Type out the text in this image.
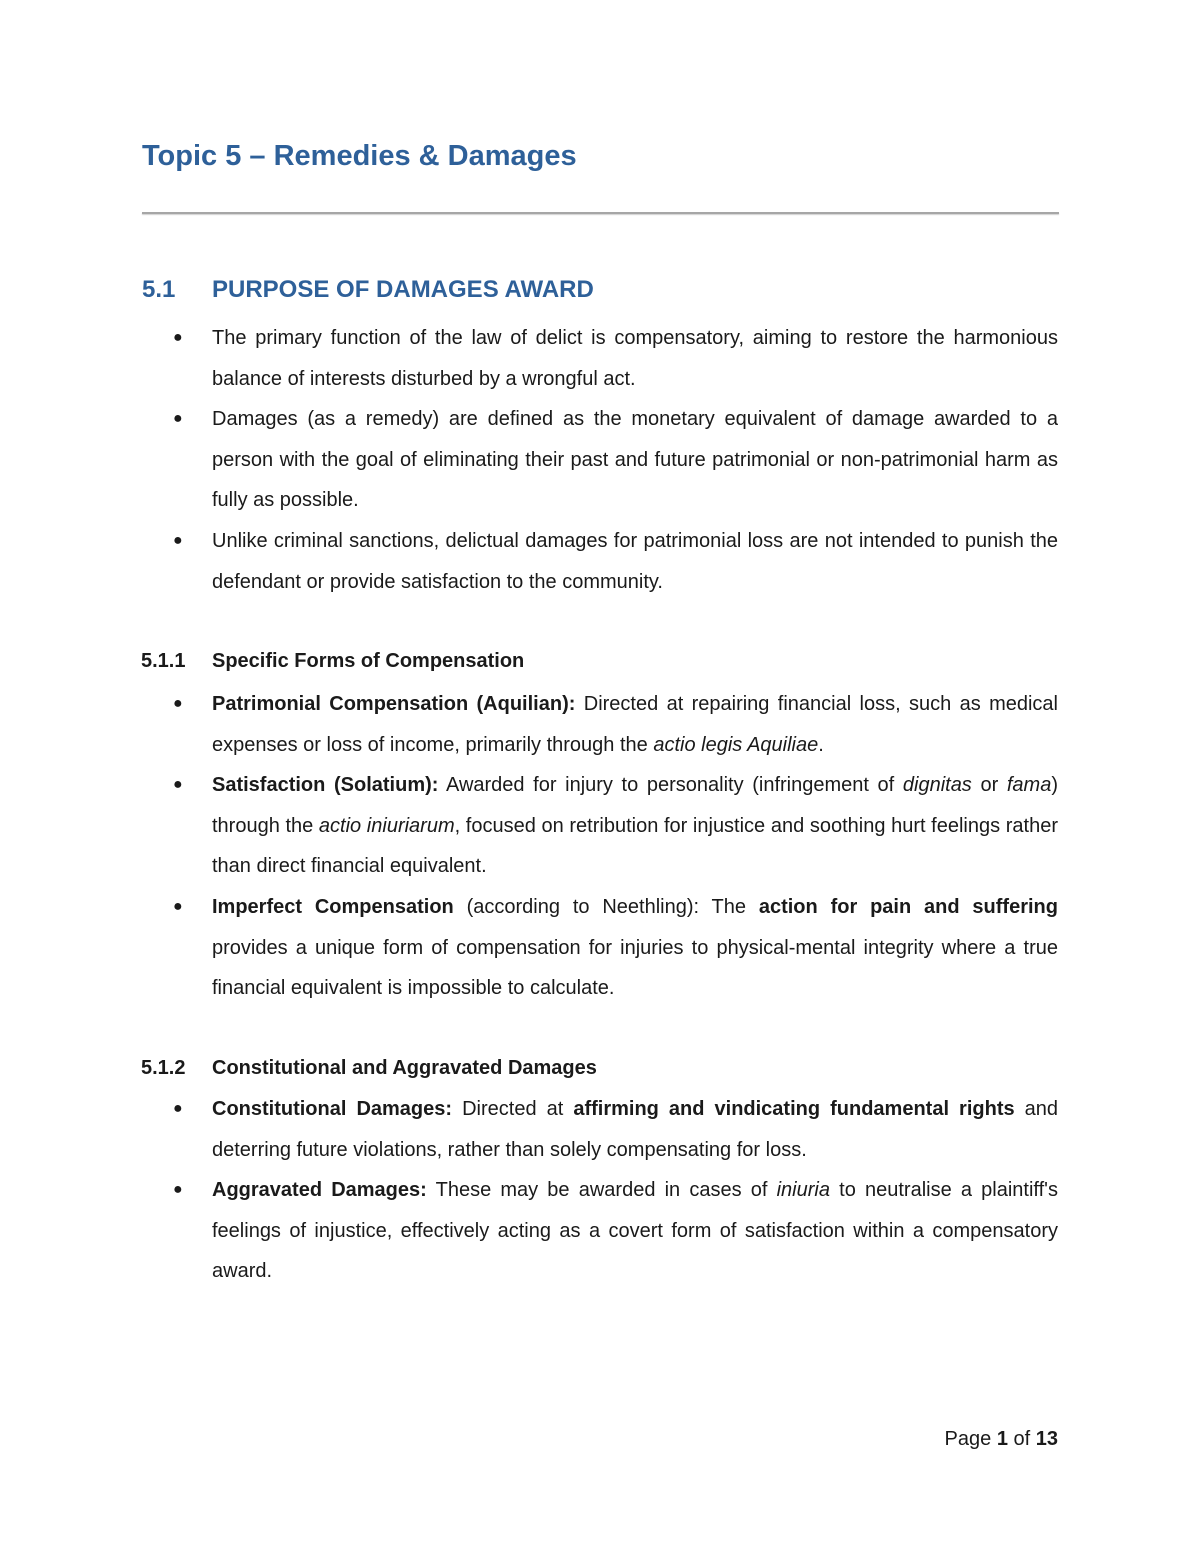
Topic 5 – Remedies & Damages
5.1 PURPOSE OF DAMAGES AWARD
● The primary function of the law of delict is compensatory, aiming to restore the harmonious balance of interests disturbed by a wrongful act.
● Damages (as a remedy) are defined as the monetary equivalent of damage awarded to a person with the goal of eliminating their past and future patrimonial or non-patrimonial harm as fully as possible.
● Unlike criminal sanctions, delictual damages for patrimonial loss are not intended to punish the defendant or provide satisfaction to the community.
5.1.1 Specific Forms of Compensation
● Patrimonial Compensation (Aquilian): Directed at repairing financial loss, such as medical expenses or loss of income, primarily through the actio legis Aquiliae.
● Satisfaction (Solatium): Awarded for injury to personality (infringement of dignitas or fama) through the actio iniuriarum, focused on retribution for injustice and soothing hurt feelings rather than direct financial equivalent.
● Imperfect Compensation (according to Neethling): The action for pain and suffering provides a unique form of compensation for injuries to physical-mental integrity where a true financial equivalent is impossible to calculate.
5.1.2 Constitutional and Aggravated Damages
● Constitutional Damages: Directed at affirming and vindicating fundamental rights and deterring future violations, rather than solely compensating for loss.
● Aggravated Damages: These may be awarded in cases of iniuria to neutralise a plaintiff's feelings of injustice, effectively acting as a covert form of satisfaction within a compensatory award.
Page 1 of 13
